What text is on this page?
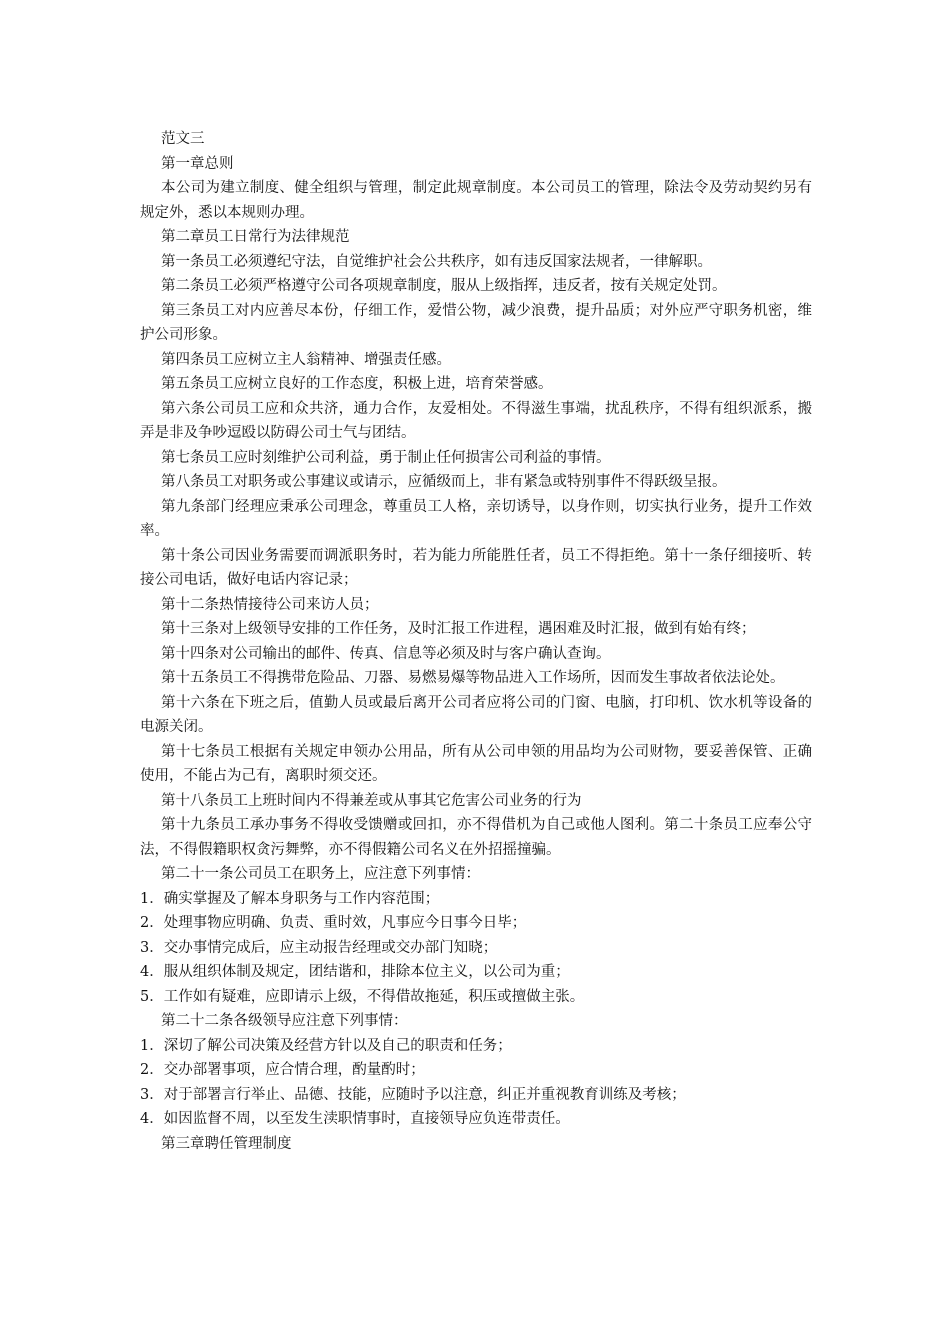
范文三

第一章总则

本公司为建立制度、健全组织与管理，制定此规章制度。本公司员工的管理，除法令及劳动契约另有规定外，悉以本规则办理。

第二章员工日常行为法律规范

第一条员工必须遵纪守法，自觉维护社会公共秩序，如有违反国家法规者，一律解职。

第二条员工必须严格遵守公司各项规章制度，服从上级指挥，违反者，按有关规定处罚。

第三条员工对内应善尽本份，仔细工作，爱惜公物，减少浪费，提升品质；对外应严守职务机密，维护公司形象。

第四条员工应树立主人翁精神、增强责任感。

第五条员工应树立良好的工作态度，积极上进，培育荣誉感。

第六条公司员工应和众共济，通力合作，友爱相处。不得滋生事端，扰乱秩序，不得有组织派系，搬弄是非及争吵逗殴以防碍公司士气与团结。

第七条员工应时刻维护公司利益，勇于制止任何损害公司利益的事情。

第八条员工对职务或公事建议或请示，应循级而上，非有紧急或特别事件不得跃级呈报。

第九条部门经理应秉承公司理念，尊重员工人格，亲切诱导，以身作则，切实执行业务，提升工作效率。

第十条公司因业务需要而调派职务时，若为能力所能胜任者，员工不得拒绝。第十一条仔细接听、转接公司电话，做好电话内容记录；

第十二条热情接待公司来访人员；

第十三条对上级领导安排的工作任务，及时汇报工作进程，遇困难及时汇报，做到有始有终；

第十四条对公司输出的邮件、传真、信息等必须及时与客户确认查询。

第十五条员工不得携带危险品、刀器、易燃易爆等物品进入工作场所，因而发生事故者依法论处。

第十六条在下班之后，值勤人员或最后离开公司者应将公司的门窗、电脑，打印机、饮水机等设备的电源关闭。

第十七条员工根据有关规定申领办公用品，所有从公司申领的用品均为公司财物，要妥善保管、正确使用，不能占为己有，离职时须交还。

第十八条员工上班时间内不得兼差或从事其它危害公司业务的行为

第十九条员工承办事务不得收受馈赠或回扣，亦不得借机为自己或他人图利。第二十条员工应奉公守法，不得假籍职权贪污舞弊，亦不得假籍公司名义在外招摇撞骗。

第二十一条公司员工在职务上，应注意下列事情：

1．确实掌握及了解本身职务与工作内容范围；

2．处理事物应明确、负责、重时效，凡事应今日事今日毕；

3．交办事情完成后，应主动报告经理或交办部门知晓；

4．服从组织体制及规定，团结谐和，排除本位主义，以公司为重；

5．工作如有疑难，应即请示上级，不得借故拖延，积压或擅做主张。

第二十二条各级领导应注意下列事情：

1．深切了解公司决策及经营方针以及自己的职责和任务；

2．交办部署事项，应合情合理，酌量酌时；

3．对于部署言行举止、品德、技能，应随时予以注意，纠正并重视教育训练及考核；

4．如因监督不周，以至发生渎职情事时，直接领导应负连带责任。

第三章聘任管理制度
